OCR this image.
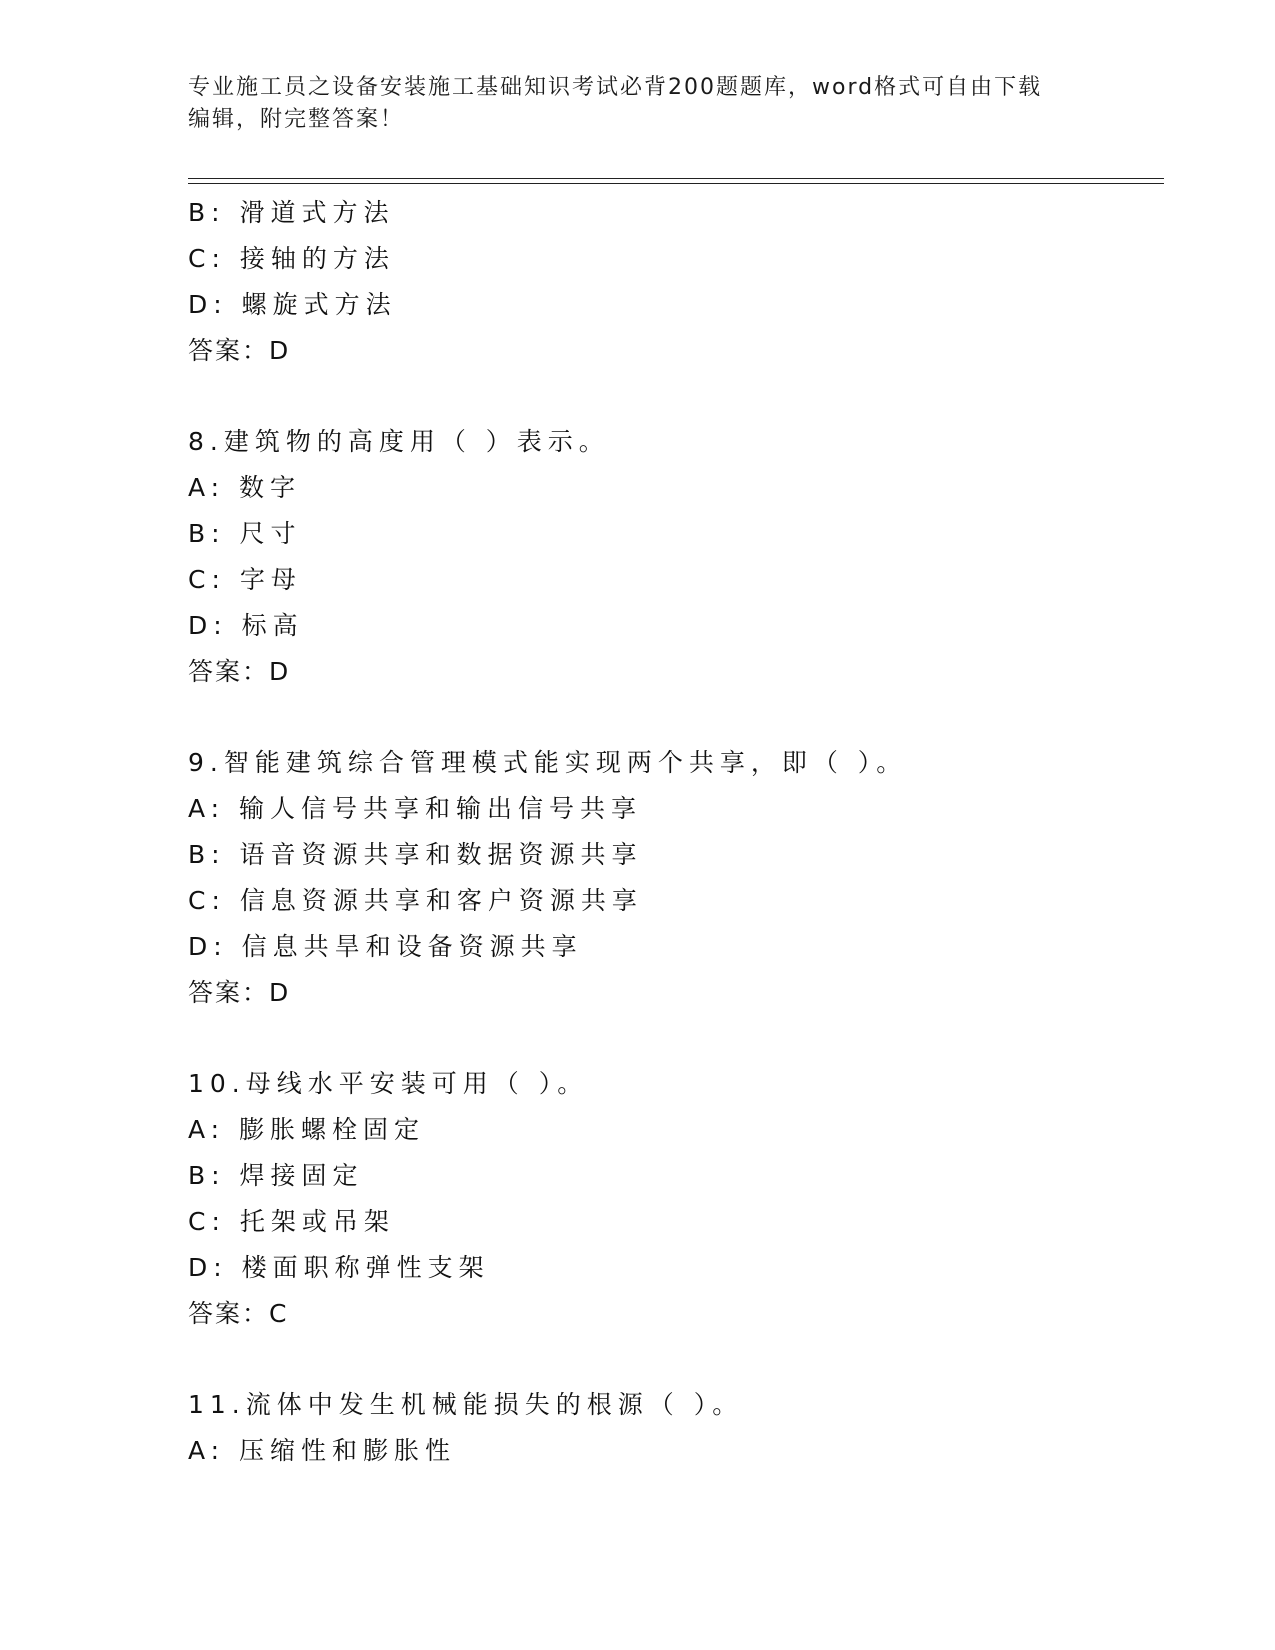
专业施工员之设备安装施工基础知识考试必背200题题库，word格式可自由下载
编辑，附完整答案！
B: 滑道式方法
C: 接轴的方法
D: 螺旋式方法
答案：D
8.建筑物的高度用（ ）表示。
A: 数字
B: 尺寸
C: 字母
D: 标高
答案：D
9.智能建筑综合管理模式能实现两个共享，即（ ）。
A: 输人信号共享和输出信号共享
B: 语音资源共享和数据资源共享
C: 信息资源共享和客户资源共享
D: 信息共旱和设备资源共享
答案：D
10.母线水平安装可用（ ）。
A: 膨胀螺栓固定
B: 焊接固定
C: 托架或吊架
D: 楼面职称弹性支架
答案：C
11.流体中发生机械能损失的根源（ ）。
A: 压缩性和膨胀性
